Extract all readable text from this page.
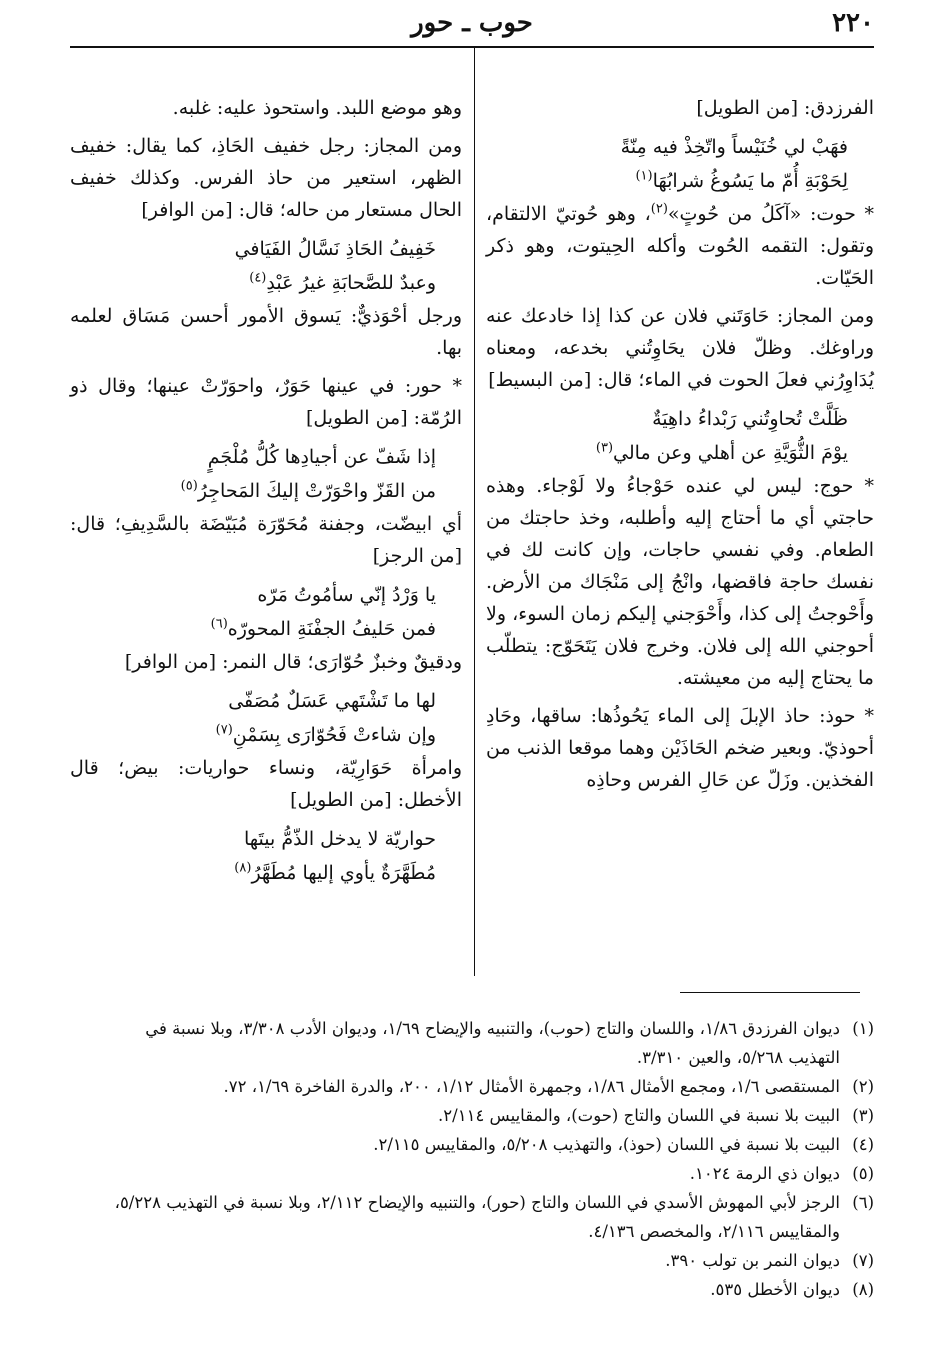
٢٢٠
حوب ـ حور

الفرزدق: [من الطويل]

فهَبْ لي خُنَيْساً واتّخِذْ فيه مِنّةً
لِحَوْبَةِ أُمّ ما يَسُوغُ شرابُهَا$^{(١)}$

* حوت: «آكَلُ من حُوتٍ»$^{(٢)}$، وهو حُوتيّ الالتقام، وتقول: التقمه الحُوت وأكله الحِيتوت، وهو ذكر الحَيّات.

ومن المجاز: حَاوَتَني فلان عن كذا إذا خادعك عنه وراوغك. وظلّ فلان يحَاوِتُني بخدعه، ومعناه يُدَاوِرُني فعلَ الحوت في الماء؛ قال: [من البسيط]

ظَلَّتْ تُحاوِتُني رَبْداءُ داهِيَةٌ
يوْمَ الثُّوَيَّةِ عن أهلي وعن مالي$^{(٣)}$

* حوج: ليس لي عنده حَوْجاءُ ولا لَوْجاء. وهذه حاجتي أي ما أحتاج إليه وأطلبه، وخذ حاجتك من الطعام. وفي نفسي حاجات، وإن كانت لك في نفسك حاجة فاقضها، وانْجُ إلى مَنْجَاك من الأرض. وأَحْوجتُ إلى كذا، وأَحْوَجني إليكم زمان السوء، ولا أحوجني الله إلى فلان. وخرج فلان يَتَحَوّج: يتطلّب ما يحتاج إليه من معيشته.

* حوذ: حاذ الإبلَ إلى الماء يَحُوذُها: ساقها، وحَادِ أحوذيّ. وبعير ضخم الحَاذَيْن وهما موقعا الذنب من الفخذين. وزَلّ عن حَالِ الفرس وحاذِه

وهو موضع اللبد. واستحوذ عليه: غلبه.

ومن المجاز: رجل خفيف الحَاذِ، كما يقال: خفيف الظهر، استعير من حاذ الفرس. وكذلك خفيف الحال مستعار من حاله؛ قال: [من الوافر]

خَفِيفُ الحَاذِ نَسَّالُ الفَيَافي
وعبدٌ للصَّحابَةِ غيرُ عَبْدِ$^{(٤)}$

ورجل أحْوَذيٌّ: يَسوق الأمور أحسن مَسَاق لعلمه بها.

* حور: في عينها حَوَرٌ، واحوَرّتْ عينها؛ وقال ذو الرُمّة: [من الطويل]

إذا شَفّ عن أجيادِها كُلُّ مُلْجَمٍ
من القَزّ واحْوَرّتْ إليكَ المَحاجِرُ$^{(٥)}$

أي ابيضّت، وجفنة مُحَوّرَة مُبَيّضَة بالسَّدِيفِ؛ قال: [من الرجز]

يا وَرْدُ إنّي سأمُوتُ مَرّه
فمن حَليفُ الجفْنَةِ المحورّه$^{(٦)}$

ودقيقٌ وخبزٌ حُوّارَى؛ قال النمر: [من الوافر]

لها ما تَشْتَهي عَسَلٌ مُصَفّى
وإن شاءتْ فَحُوّارَى بِسَمْنِ$^{(٧)}$

وامرأة حَوَارِيّة، ونساء حواريات: بيض؛ قال الأخطل: [من الطويل]

حواريّة لا يدخل الذّمُّ بيتَها
مُطَهَّرَةٌ يأوي إليها مُطَهَّرُ$^{(٨)}$

(١)
ديوان الفرزدق ١/٨٦، واللسان والتاج (حوب)، والتنبيه والإيضاح ١/٦٩، وديوان الأدب ٣/٣٠٨، وبلا نسبة في
التهذيب ٥/٢٦٨، والعين ٣/٣١٠.

(٢)
المستقصى ١/٦، ومجمع الأمثال ١/٨٦، وجمهرة الأمثال ١/١٢، ٢٠٠، والدرة الفاخرة ١/٦٩، ٧٢.

(٣)
البيت بلا نسبة في اللسان والتاج (حوت)، والمقاييس ٢/١١٤.

(٤)
البيت بلا نسبة في اللسان (حوذ)، والتهذيب ٥/٢٠٨، والمقاييس ٢/١١٥.

(٥)
ديوان ذي الرمة ١٠٢٤.

(٦)
الرجز لأبي المهوش الأسدي في اللسان والتاج (حور)، والتنبيه والإيضاح ٢/١١٢، وبلا نسبة في التهذيب ٥/٢٢٨،
والمقاييس ٢/١١٦، والمخصص ٤/١٣٦.

(٧)
ديوان النمر بن تولب ٣٩٠.

(٨)
ديوان الأخطل ٥٣٥.
